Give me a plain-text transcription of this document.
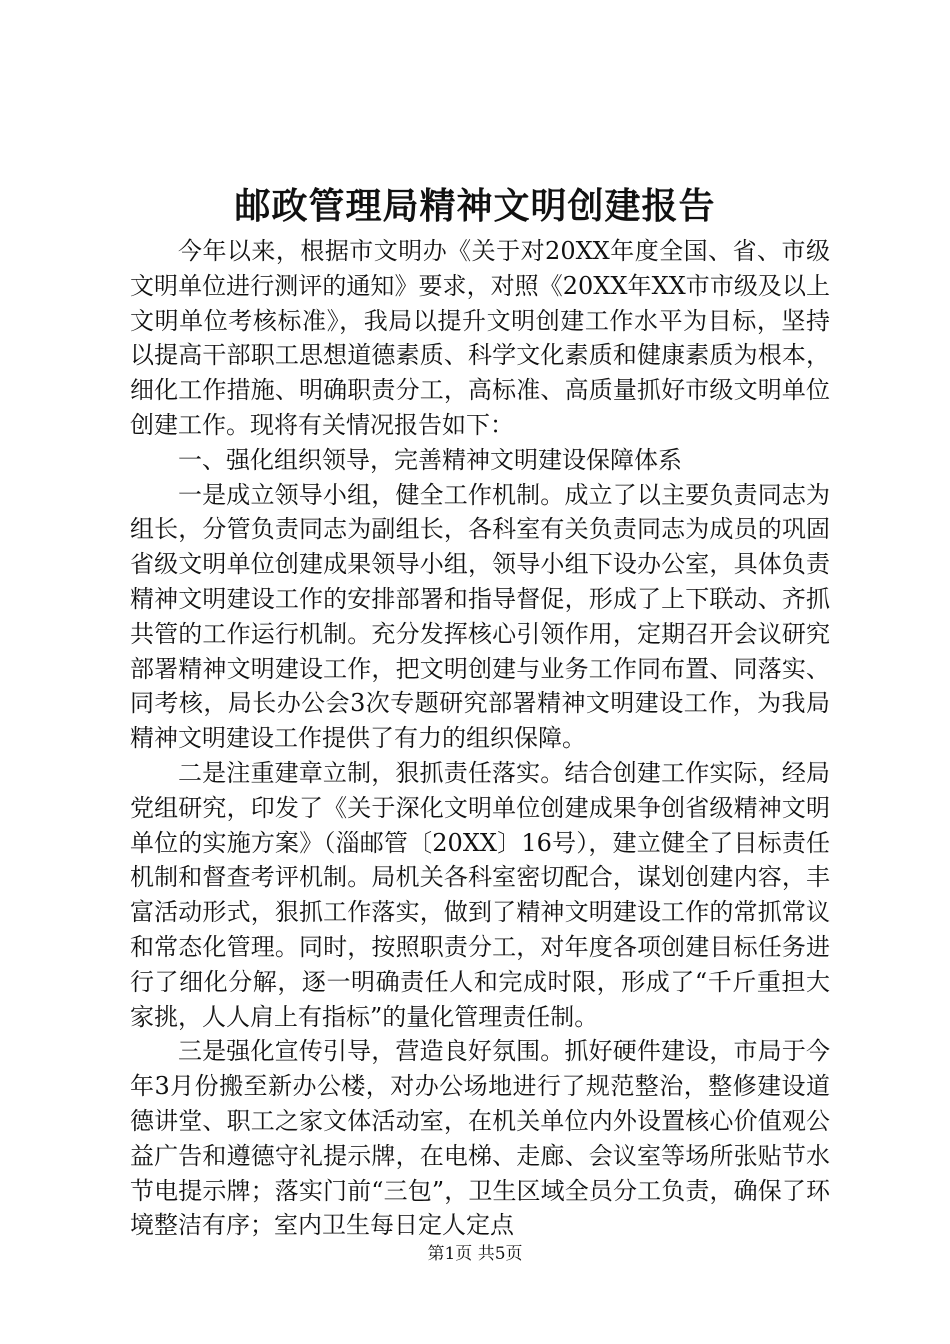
邮政管理局精神文明创建报告

今年以来，根据市文明办《关于对20XX年度全国、省、市级文明单位进行测评的通知》要求，对照《20XX年XX市市级及以上文明单位考核标准》，我局以提升文明创建工作水平为目标，坚持以提高干部职工思想道德素质、科学文化素质和健康素质为根本，细化工作措施、明确职责分工，高标准、高质量抓好市级文明单位创建工作。现将有关情况报告如下：

一、强化组织领导，完善精神文明建设保障体系

一是成立领导小组，健全工作机制。成立了以主要负责同志为组长，分管负责同志为副组长，各科室有关负责同志为成员的巩固省级文明单位创建成果领导小组，领导小组下设办公室，具体负责精神文明建设工作的安排部署和指导督促，形成了上下联动、齐抓共管的工作运行机制。充分发挥核心引领作用，定期召开会议研究部署精神文明建设工作，把文明创建与业务工作同布置、同落实、同考核，局长办公会3次专题研究部署精神文明建设工作，为我局精神文明建设工作提供了有力的组织保障。

二是注重建章立制，狠抓责任落实。结合创建工作实际，经局党组研究，印发了《关于深化文明单位创建成果争创省级精神文明单位的实施方案》（淄邮管〔20XX〕16号），建立健全了目标责任机制和督查考评机制。局机关各科室密切配合，谋划创建内容，丰富活动形式，狠抓工作落实，做到了精神文明建设工作的常抓常议和常态化管理。同时，按照职责分工，对年度各项创建目标任务进行了细化分解，逐一明确责任人和完成时限，形成了“千斤重担大家挑，人人肩上有指标”的量化管理责任制。

三是强化宣传引导，营造良好氛围。抓好硬件建设，市局于今年3月份搬至新办公楼，对办公场地进行了规范整治，整修建设道德讲堂、职工之家文体活动室，在机关单位内外设置核心价值观公益广告和遵德守礼提示牌，在电梯、走廊、会议室等场所张贴节水节电提示牌；落实门前“三包”，卫生区域全员分工负责，确保了环境整洁有序；室内卫生每日定人定点

第1页 共5页
